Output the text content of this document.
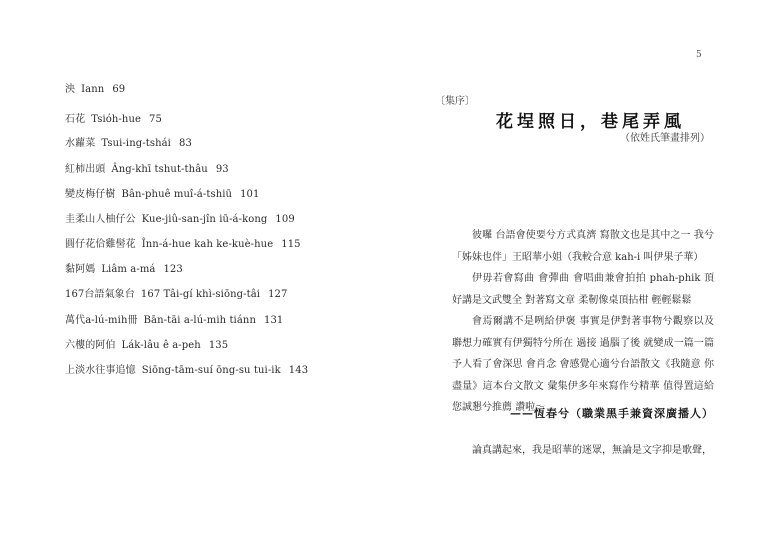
5
泱 Iann 69
石花 Tsióh-hue 75
水蘿菜 Tsui-ing-tshái 83
紅柿出頭 Âng-khī tshut-thâu 93
變皮梅仔樹 Bân-phuê muî-á-tshiū 101
圭柔山人柚仔公 Kue-jiû-san-jîn iū-á-kong 109
圓仔花佮雞髻花 Înn-á-hue kah ke-kuè-hue 115
黏阿媽 Liâm a-má 123
167台語氣象台 167 Tâi-gí khì-siōng-tâi 127
萬代a-lú-mih冊 Bān-tāi a-lú-mih tiánn 131
六樓的阿伯 Lák-lâu ê a-peh 135
上淡水往事追憶 Siōng-tām-suí ōng-su tui-ik 143
〔集序〕
花埕照日，巷尾弄風
（依姓氏筆畫排列）
彼囉 台語會使要兮方式真濟 寫散文也是其中之一 我兮「姊妹也伴」王昭華小姐（我較合意 kah-i 叫伊果子華）
伊毋若會寫曲 會彈曲 會唱曲兼會拍拍 phah-phik 頂好講是文武雙全 對著寫文章 柔靭像桌頂拈柑 輕輕鬆鬆
會焉爾講不是咧給伊褒 事實是伊對著事物兮觀察以及聯想力確實有伊獨特兮所在 過接 過腦了後 就變成一篇一篇予人看了會深思 會肖念 會感覺心適兮台語散文《我隨意 你盡量》這本台文散文 彙集伊多年來寫作兮精華 值得置這給您誠懇兮推薦 讚啦～
——恆春兮（職業黑手兼資深廣播人）
論真講起來，我是昭華的迷眾，無論是文字抑是歌聲，
